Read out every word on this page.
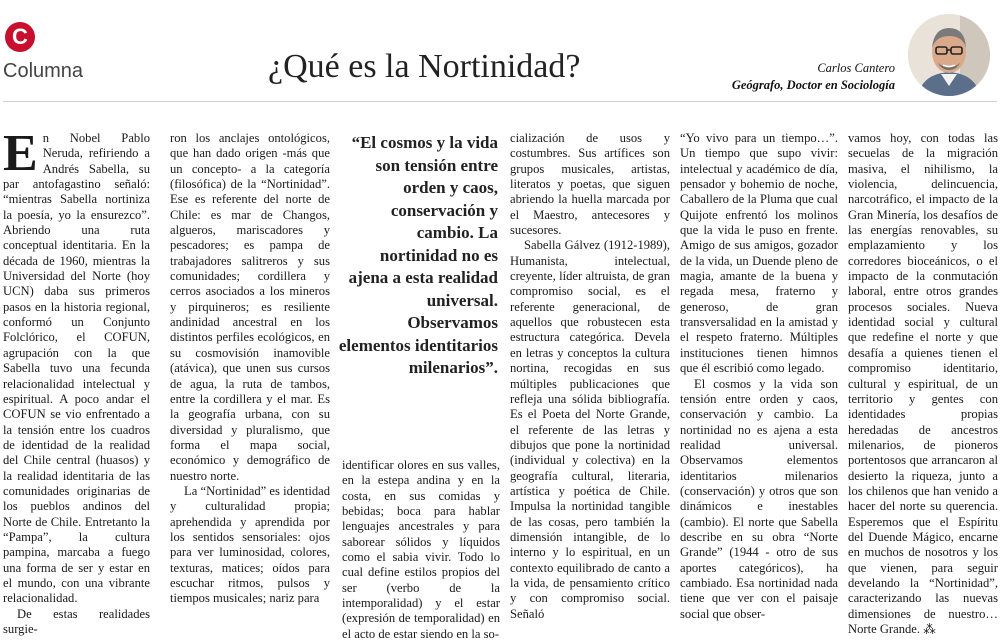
C
Columna	¿Qué es la Nortinidad?	Carlos Cantero
Geógrafo, Doctor en Sociología

En Nobel Pablo Neruda, refiriendo a Andrés Sabella, su par antofagastino señaló: “mientras Sabella nortiniza la poesía, yo la ensurezco”. Abriendo una ruta conceptual identitaria. En la década de 1960, mientras la Universidad del Norte (hoy UCN) daba sus primeros pasos en la historia regional, conformó un Conjunto Folclórico, el COFUN, agrupación con la que Sabella tuvo una fecunda relacionalidad intelectual y espiritual. A poco andar el COFUN se vio enfrentado a la tensión entre los cuadros de identidad de la realidad del Chile central (huasos) y la realidad identitaria de las comunidades originarias de los pueblos andinos del Norte de Chile. Entretanto la “Pampa”, la cultura pampina, marcaba a fuego una forma de ser y estar en el mundo, con una vibrante relacionalidad.

De estas realidades surgie-

ron los anclajes ontológicos, que han dado origen -más que un concepto- a la categoría (filosófica) de la “Nortinidad”. Ese es referente del norte de Chile: es mar de Changos, algueros, mariscadores y pescadores; es pampa de trabajadores salitreros y sus comunidades; cordillera y cerros asociados a los mineros y pirquineros; es resiliente andinidad ancestral en los distintos perfiles ecológicos, en su cosmovisión inamovible (atávica), que unen sus cursos de agua, la ruta de tambos, entre la cordillera y el mar. Es la geografía urbana, con su diversidad y pluralismo, que forma el mapa social, económico y demográfico de nuestro norte.

La “Nortinidad” es identidad y culturalidad propia; aprehendida y aprendida por los sentidos sensoriales: ojos para ver luminosidad, colores, texturas, matices; oídos para escuchar ritmos, pulsos y tiempos musicales; nariz para

“El cosmos y la vida son tensión entre orden y caos, conservación y cambio. La nortinidad no es ajena a esta realidad universal. Observamos elementos identitarios milenarios”.

identificar olores en sus valles, en la estepa andina y en la costa, en sus comidas y bebidas; boca para hablar lenguajes ancestrales y para saborear sólidos y líquidos como el sabia vivir. Todo lo cual define estilos propios del ser (verbo de la intemporalidad) y el estar (expresión de temporalidad) en el acto de estar siendo en la so-

cialización de usos y costumbres. Sus artífices son grupos musicales, artistas, literatos y poetas, que siguen abriendo la huella marcada por el Maestro, antecesores y sucesores.

Sabella Gálvez (1912-1989), Humanista, intelectual, creyente, líder altruista, de gran compromiso social, es el referente generacional, de aquellos que robustecen esta estructura categórica. Devela en letras y conceptos la cultura nortina, recogidas en sus múltiples publicaciones que refleja una sólida bibliografía. Es el Poeta del Norte Grande, el referente de las letras y dibujos que pone la nortinidad (individual y colectiva) en la geografía cultural, literaria, artística y poética de Chile. Impulsa la nortinidad tangible de las cosas, pero también la dimensión intangible, de lo interno y lo espiritual, en un contexto equilibrado de canto a la vida, de pensamiento crítico y con compromiso social. Señaló

“Yo vivo para un tiempo…”. Un tiempo que supo vivir: intelectual y académico de día, pensador y bohemio de noche, Caballero de la Pluma que cual Quijote enfrentó los molinos que la vida le puso en frente. Amigo de sus amigos, gozador de la vida, un Duende pleno de magia, amante de la buena y regada mesa, fraterno y generoso, de gran transversalidad en la amistad y el respeto fraterno. Múltiples instituciones tienen himnos que él escribió como legado.

El cosmos y la vida son tensión entre orden y caos, conservación y cambio. La nortinidad no es ajena a esta realidad universal. Observamos elementos identitarios milenarios (conservación) y otros que son dinámicos e inestables (cambio). El norte que Sabella describe en su obra “Norte Grande” (1944 - otro de sus aportes categóricos), ha cambiado. Esa nortinidad nada tiene que ver con el paisaje social que obser-

vamos hoy, con todas las secuelas de la migración masiva, el nihilismo, la violencia, delincuencia, narcotráfico, el impacto de la Gran Minería, los desafíos de las energías renovables, su emplazamiento y los corredores bioceánicos, o el impacto de la conmutación laboral, entre otros grandes procesos sociales. Nueva identidad social y cultural que redefine el norte y que desafía a quienes tienen el compromiso identitario, cultural y espiritual, de un territorio y gentes con identidades propias heredadas de ancestros milenarios, de pioneros portentosos que arrancaron al desierto la riqueza, junto a los chilenos que han venido a hacer del norte su querencia. Esperemos que el Espíritu del Duende Mágico, encarne en muchos de nosotros y los que vienen, para seguir develando la “Nortinidad”, caracterizando las nuevas dimensiones de nuestro… Norte Grande. ⁂
